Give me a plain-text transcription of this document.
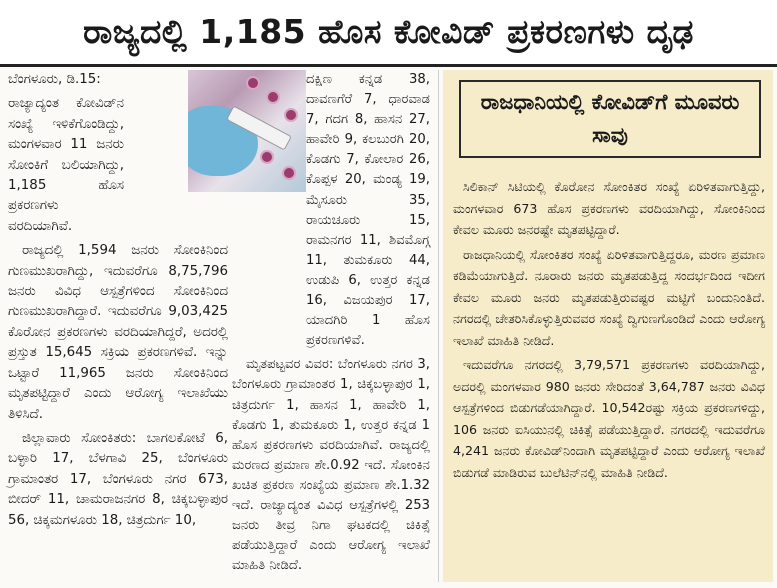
ರಾಜ್ಯದಲ್ಲಿ 1,185 ಹೊಸ ಕೋವಿಡ್ ಪ್ರಕರಣಗಳು ದೃಢ

ಬೆಂಗಳೂರು, ಡಿ.15:

ರಾಜ್ಯಾದ್ಯಂತ ಕೋವಿಡ್‌ನ ಸಂಖ್ಯೆ ಇಳಿಕೆಗೊಂಡಿದ್ದು, ಮಂಗಳವಾರ 11 ಜನರು ಸೋಂಕಿಗೆ ಬಲಿಯಾಗಿದ್ದು, 1,185 ಹೊಸ ಪ್ರಕರಣಗಳು ವರದಿಯಾಗಿವೆ.

ರಾಜ್ಯದಲ್ಲಿ 1,594 ಜನರು ಸೋಂಕಿನಿಂದ ಗುಣಮುಖರಾಗಿದ್ದು, ಇದುವರೆಗೂ 8,75,796 ಜನರು ವಿವಿಧ ಆಸ್ಪತ್ರೆಗಳಿಂದ ಸೋಂಕಿನಿಂದ ಗುಣಮುಖರಾಗಿದ್ದಾರೆ. ಇದುವರೆಗೂ 9,03,425 ಕೊರೋನ ಪ್ರಕರಣಗಳು ವರದಿಯಾಗಿದ್ದರೆ, ಅದರಲ್ಲಿ ಪ್ರಸ್ತುತ 15,645 ಸಕ್ರಿಯ ಪ್ರಕರಣಗಳಿವೆ. ಇನ್ನು ಒಟ್ಟಾರೆ 11,965 ಜನರು ಸೋಂಕಿನಿಂದ ಮೃತಪಟ್ಟಿದ್ದಾರೆ ಎಂದು ಆರೋಗ್ಯ ಇಲಾಖೆಯು ತಿಳಿಸಿದೆ.

ಜಿಲ್ಲಾವಾರು ಸೋಂಕಿತರು: ಬಾಗಲಕೋಟೆ 6, ಬಳ್ಳಾರಿ 17, ಬೆಳಗಾವಿ 25, ಬೆಂಗಳೂರು ಗ್ರಾಮಾಂತರ 17, ಬೆಂಗಳೂರು ನಗರ 673, ಬೀದರ್ 11, ಚಾಮರಾಜನಗರ 8, ಚಿಕ್ಕಬಳ್ಳಾಪುರ 56, ಚಿಕ್ಕಮಗಳೂರು 18, ಚಿತ್ರದುರ್ಗ 10,

ದಕ್ಷಿಣ ಕನ್ನಡ 38, ದಾವಣಗೆರೆ 7, ಧಾರವಾಡ 7, ಗದಗ 8, ಹಾಸನ 27, ಹಾವೇರಿ 9, ಕಲಬುರಗಿ 20, ಕೊಡಗು 7, ಕೋಲಾರ 26, ಕೊಪ್ಪಳ 20, ಮಂಡ್ಯ 19, ಮೈಸೂರು 35, ರಾಯಚೂರು 15, ರಾಮನಗರ 11, ಶಿವಮೊಗ್ಗ 11, ತುಮಕೂರು 44, ಉಡುಪಿ 6, ಉತ್ತರ ಕನ್ನಡ 16, ವಿಜಯಪುರ 17, ಯಾದಗಿರಿ 1 ಹೊಸ ಪ್ರಕರಣಗಳಿವೆ.

ಮೃತಪಟ್ಟವರ ವಿವರ: ಬೆಂಗಳೂರು ನಗರ 3, ಬೆಂಗಳೂರು ಗ್ರಾಮಾಂತರ 1, ಚಿಕ್ಕಬಳ್ಳಾಪುರ 1, ಚಿತ್ರದುರ್ಗ 1, ಹಾಸನ 1, ಹಾವೇರಿ 1, ಕೊಡಗು 1, ತುಮಕೂರು 1, ಉತ್ತರ ಕನ್ನಡ 1 ಹೊಸ ಪ್ರಕರಣಗಳು ವರದಿಯಾಗಿವೆ. ರಾಜ್ಯದಲ್ಲಿ ಮರಣದ ಪ್ರಮಾಣ ಶೇ.0.92 ಇದೆ. ಸೋಂಕಿನ ಖಚಿತ ಪ್ರಕರಣ ಸಂಖ್ಯೆಯ ಪ್ರಮಾಣ ಶೇ.1.32 ಇದೆ. ರಾಜ್ಯಾದ್ಯಂತ ವಿವಿಧ ಆಸ್ಪತ್ರೆಗಳಲ್ಲಿ 253 ಜನರು ತೀವ್ರ ನಿಗಾ ಘಟಕದಲ್ಲಿ ಚಿಕಿತ್ಸೆ ಪಡೆಯುತ್ತಿದ್ದಾರೆ ಎಂದು ಆರೋಗ್ಯ ಇಲಾಖೆ ಮಾಹಿತಿ ನೀಡಿದೆ.

ರಾಜಧಾನಿಯಲ್ಲಿ ಕೋವಿಡ್‌ಗೆ ಮೂವರು ಸಾವು

ಸಿಲಿಕಾನ್ ಸಿಟಿಯಲ್ಲಿ ಕೊರೋನ ಸೋಂಕಿತರ ಸಂಖ್ಯೆ ಏರಿಳಿತವಾಗುತ್ತಿದ್ದು, ಮಂಗಳವಾರ 673 ಹೊಸ ಪ್ರಕರಣಗಳು ವರದಿಯಾಗಿದ್ದು, ಸೋಂಕಿನಿಂದ ಕೇವಲ ಮೂರು ಜನರಷ್ಟೇ ಮೃತಪಟ್ಟಿದ್ದಾರೆ.

ರಾಜಧಾನಿಯಲ್ಲಿ ಸೋಂಕಿತರ ಸಂಖ್ಯೆ ಏರಿಳಿತವಾಗುತ್ತಿದ್ದರೂ, ಮರಣ ಪ್ರಮಾಣ ಕಡಿಮೆಯಾಗುತ್ತಿದೆ. ನೂರಾರು ಜನರು ಮೃತಪಡುತ್ತಿದ್ದ ಸಂದರ್ಭದಿಂದ ಇದೀಗ ಕೇವಲ ಮೂರು ಜನರು ಮೃತಪಡುತ್ತಿರುವಷ್ಟರ ಮಟ್ಟಿಗೆ ಬಂದುನಿಂತಿದೆ. ನಗರದಲ್ಲಿ ಚೇತರಿಸಿಕೊಳ್ಳುತ್ತಿರುವವರ ಸಂಖ್ಯೆ ದ್ವಿಗುಣಗೊಂಡಿದೆ ಎಂದು ಆರೋಗ್ಯ ಇಲಾಖೆ ಮಾಹಿತಿ ನೀಡಿದೆ.

ಇದುವರೆಗೂ ನಗರದಲ್ಲಿ 3,79,571 ಪ್ರಕರಣಗಳು ವರದಿಯಾಗಿದ್ದು, ಅದರಲ್ಲಿ ಮಂಗಳವಾರ 980 ಜನರು ಸೇರಿದಂತೆ 3,64,787 ಜನರು ವಿವಿಧ ಆಸ್ಪತ್ರೆಗಳಿಂದ ಬಿಡುಗಡೆಯಾಗಿದ್ದಾರೆ. 10,542ರಷ್ಟು ಸಕ್ರಿಯ ಪ್ರಕರಣಗಳಿದ್ದು, 106 ಜನರು ಐಸಿಯುನಲ್ಲಿ ಚಿಕಿತ್ಸೆ ಪಡೆಯುತ್ತಿದ್ದಾರೆ. ನಗರದಲ್ಲಿ ಇದುವರೆಗೂ 4,241 ಜನರು ಕೋವಿಡ್‌ನಿಂದಾಗಿ ಮೃತಪಟ್ಟಿದ್ದಾರೆ ಎಂದು ಆರೋಗ್ಯ ಇಲಾಖೆ ಬಿಡುಗಡೆ ಮಾಡಿರುವ ಬುಲೆಟಿನ್‌ನಲ್ಲಿ ಮಾಹಿತಿ ನೀಡಿದೆ.
